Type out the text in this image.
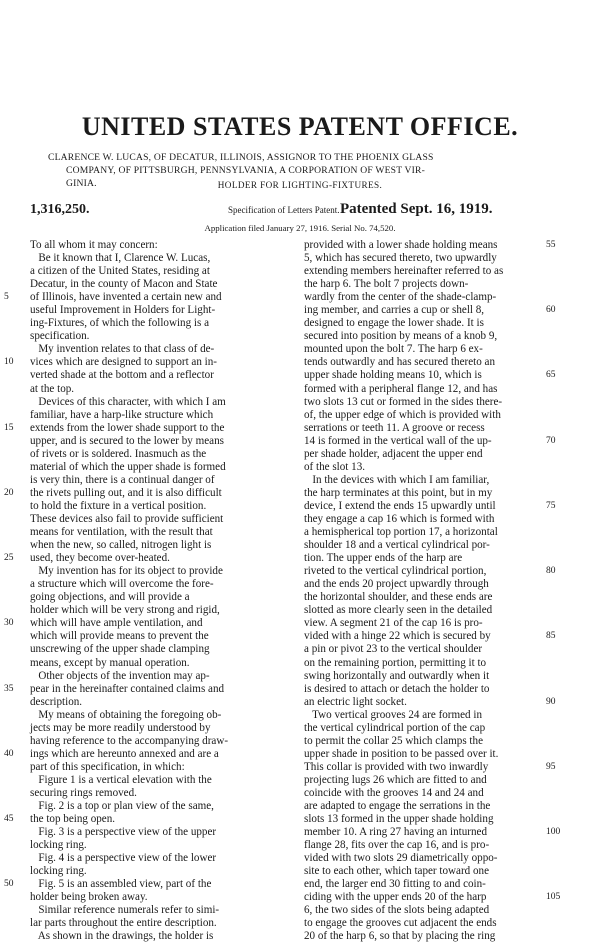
UNITED STATES PATENT OFFICE.

CLARENCE W. LUCAS, OF DECATUR, ILLINOIS, ASSIGNOR TO THE PHOENIX GLASS
COMPANY, OF PITTSBURGH, PENNSYLVANIA, A CORPORATION OF WEST VIR-
GINIA.	HOLDER FOR LIGHTING-FIXTURES.

1,316,250.	Specification of Letters Patent. Patented Sept. 16, 1919.

Application filed January 27, 1916. Serial No. 74,520.

5
10
15
20
25
30
35
40
45
50
To all whom it may concern:
Be it known that I, Clarence W. Lucas,
a citizen of the United States, residing at
Decatur, in the county of Macon and State
of Illinois, have invented a certain new and
useful Improvement in Holders for Light-
ing-Fixtures, of which the following is a
specification.
My invention relates to that class of de-
vices which are designed to support an in-
verted shade at the bottom and a reflector
at the top.
Devices of this character, with which I am
familiar, have a harp-like structure which
extends from the lower shade support to the
upper, and is secured to the lower by means
of rivets or is soldered. Inasmuch as the
material of which the upper shade is formed
is very thin, there is a continual danger of
the rivets pulling out, and it is also difficult
to hold the fixture in a vertical position.
These devices also fail to provide sufficient
means for ventilation, with the result that
when the new, so called, nitrogen light is
used, they become over-heated.
My invention has for its object to provide
a structure which will overcome the fore-
going objections, and will provide a
holder which will be very strong and rigid,
which will have ample ventilation, and
which will provide means to prevent the
unscrewing of the upper shade clamping
means, except by manual operation.
Other objects of the invention may ap-
pear in the hereinafter contained claims and
description.
My means of obtaining the foregoing ob-
jects may be more readily understood by
having reference to the accompanying draw-
ings which are hereunto annexed and are a
part of this specification, in which:
Figure 1 is a vertical elevation with the
securing rings removed.
Fig. 2 is a top or plan view of the same,
the top being open.
Fig. 3 is a perspective view of the upper
locking ring.
Fig. 4 is a perspective view of the lower
locking ring.
Fig. 5 is an assembled view, part of the
holder being broken away.
Similar reference numerals refer to simi-
lar parts throughout the entire description.
As shown in the drawings, the holder is
provided with a lower shade holding means
5, which has secured thereto, two upwardly
extending members hereinafter referred to as
the harp 6. The bolt 7 projects down-
wardly from the center of the shade-clamp-
ing member, and carries a cup or shell 8,
designed to engage the lower shade. It is
secured into position by means of a knob 9,
mounted upon the bolt 7. The harp 6 ex-
tends outwardly and has secured thereto an
upper shade holding means 10, which is
formed with a peripheral flange 12, and has
two slots 13 cut or formed in the sides there-
of, the upper edge of which is provided with
serrations or teeth 11. A groove or recess
14 is formed in the vertical wall of the up-
per shade holder, adjacent the upper end
of the slot 13.
In the devices with which I am familiar,
the harp terminates at this point, but in my
device, I extend the ends 15 upwardly until
they engage a cap 16 which is formed with
a hemispherical top portion 17, a horizontal
shoulder 18 and a vertical cylindrical por-
tion. The upper ends of the harp are
riveted to the vertical cylindrical portion,
and the ends 20 project upwardly through
the horizontal shoulder, and these ends are
slotted as more clearly seen in the detailed
view. A segment 21 of the cap 16 is pro-
vided with a hinge 22 which is secured by
a pin or pivot 23 to the vertical shoulder
on the remaining portion, permitting it to
swing horizontally and outwardly when it
is desired to attach or detach the holder to
an electric light socket.
Two vertical grooves 24 are formed in
the vertical cylindrical portion of the cap
to permit the collar 25 which clamps the
upper shade in position to be passed over it.
This collar is provided with two inwardly
projecting lugs 26 which are fitted to and
coincide with the grooves 14 and 24 and
are adapted to engage the serrations in the
slots 13 formed in the upper shade holding
member 10. A ring 27 having an inturned
flange 28, fits over the cap 16, and is pro-
vided with two slots 29 diametrically oppo-
site to each other, which taper toward one
end, the larger end 30 fitting to and coin-
ciding with the upper ends 20 of the harp
6, the two sides of the slots being adapted
to engage the grooves cut adjacent the ends
20 of the harp 6, so that by placing the ring
55
60
65
70
75
80
85
90
95
100
105
